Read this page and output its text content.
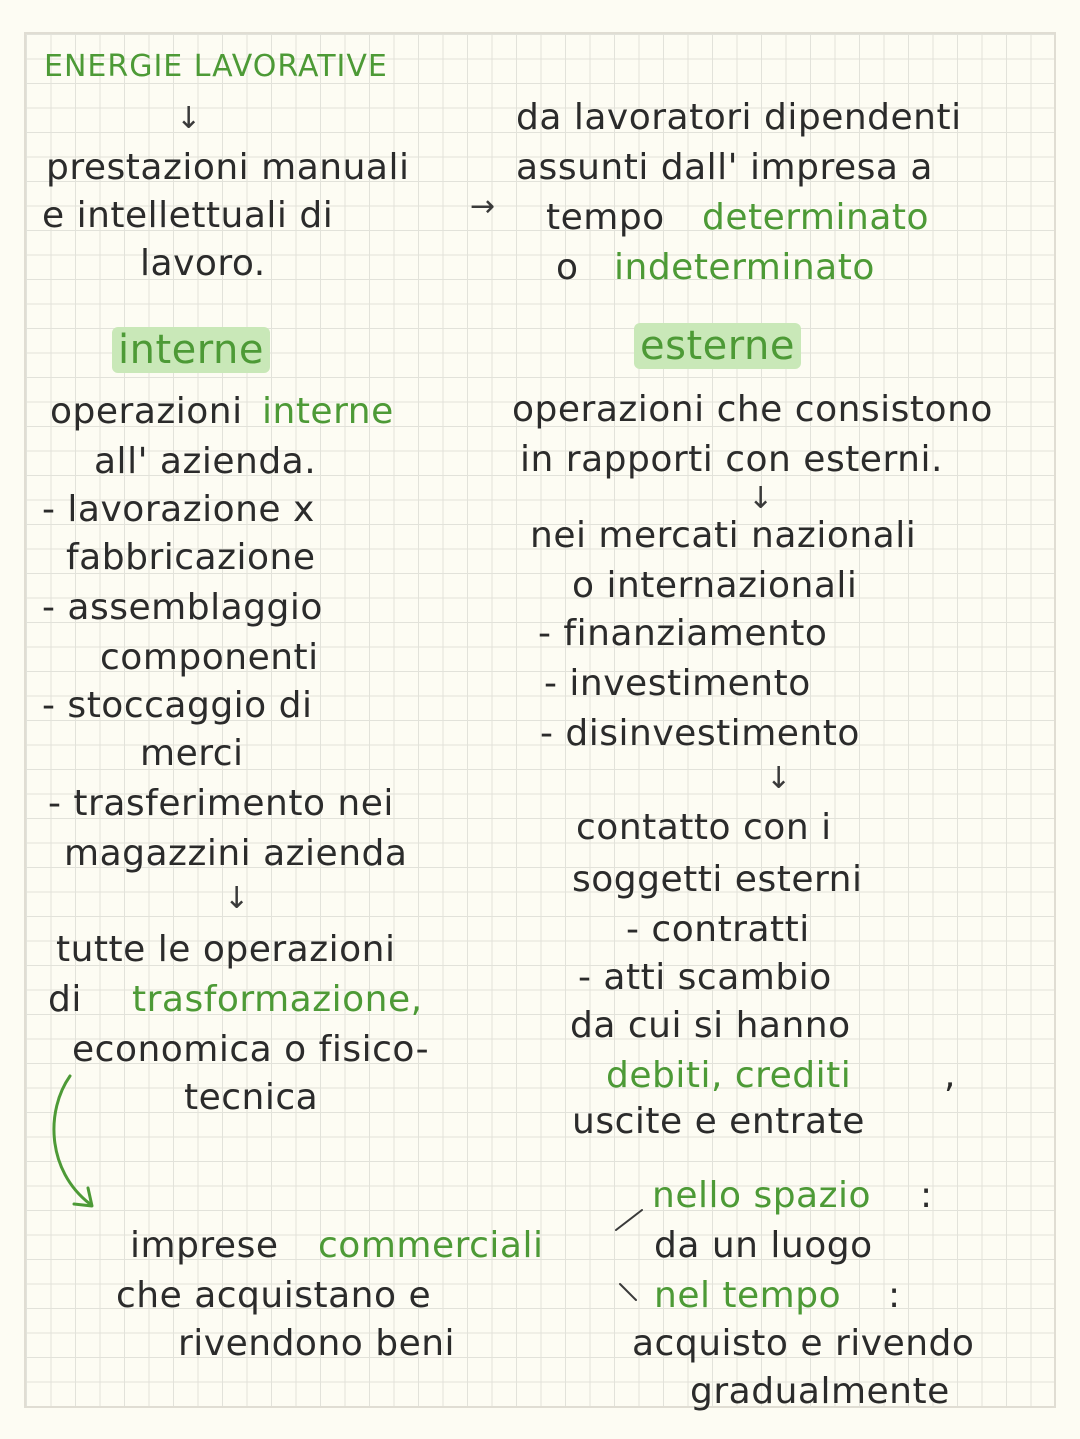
ENERGIE LAVORATIVE
↓
prestazioni manuali
e intellettuali di
lavoro.
→
da lavoratori dipendenti
assunti dall' impresa a
tempo determinato
o indeterminato
interne	esterne
operazioni interne
all' azienda.
- lavorazione x
fabbricazione
- assemblaggio
componenti
- stoccaggio di
merci
- trasferimento nei
magazzini azienda
↓
tutte le operazioni
di trasformazione,
economica o fisico-
tecnica
operazioni che consistono
in rapporti con esterni.
↓
nei mercati nazionali
o internazionali
- finanziamento
- investimento
- disinvestimento
↓
contatto con i
soggetti esterni
- contratti
- atti scambio
da cui si hanno
debiti, crediti	,
uscite e entrate
imprese commerciali
che acquistano e
rivendono beni
nello spazio :
da un luogo
nel tempo :
acquisto e rivendo
gradualmente
